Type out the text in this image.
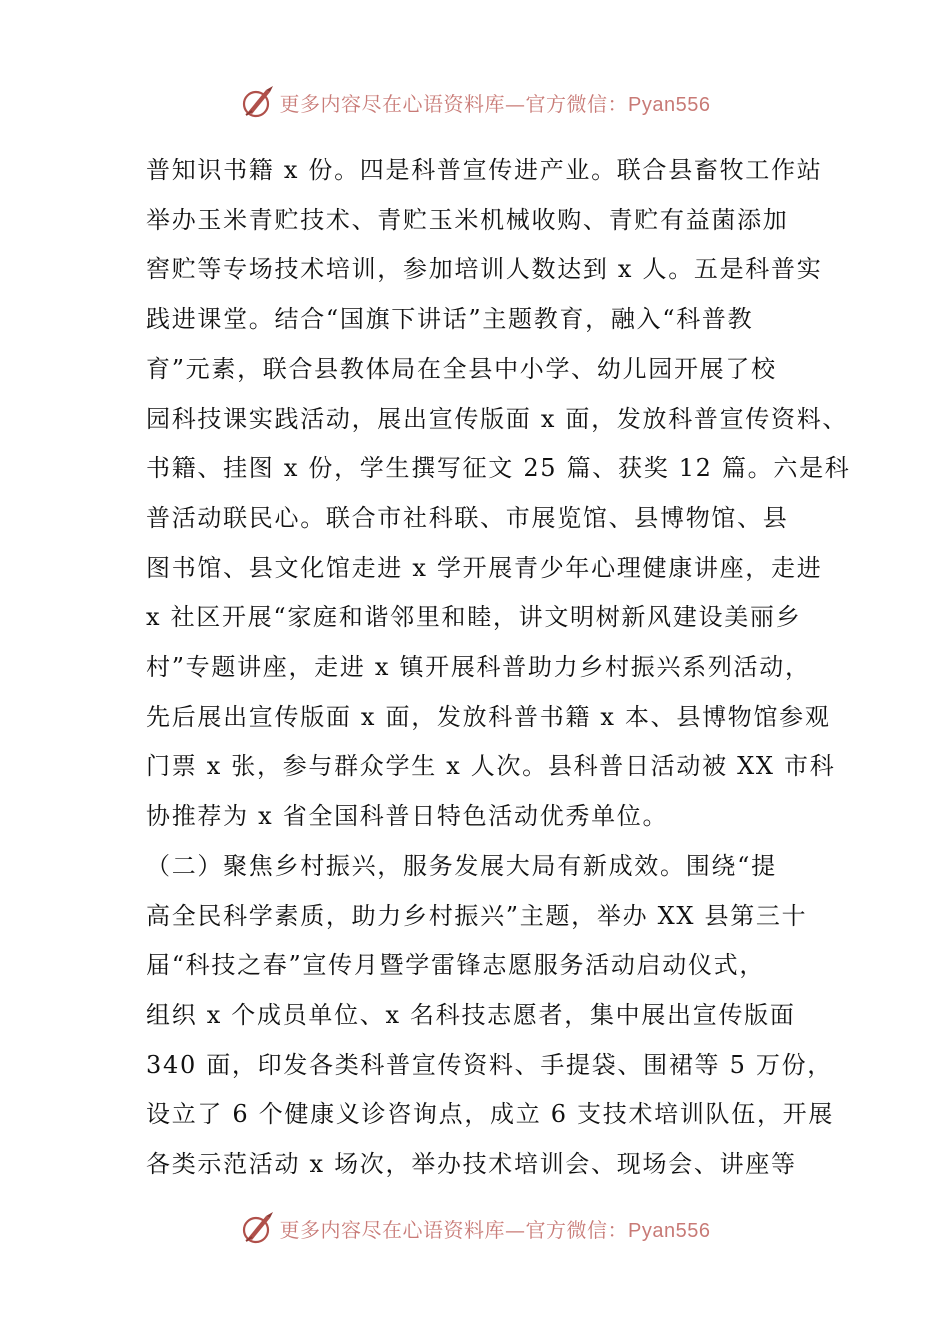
更多内容尽在心语资料库—官方微信：Pyan556
普知识书籍 x 份。四是科普宣传进产业。联合县畜牧工作站
举办玉米青贮技术、青贮玉米机械收购、青贮有益菌添加
窖贮等专场技术培训，参加培训人数达到 x 人。五是科普实
践进课堂。结合“国旗下讲话”主题教育，融入“科普教
育”元素，联合县教体局在全县中小学、幼儿园开展了校
园科技课实践活动，展出宣传版面 x 面，发放科普宣传资料、
书籍、挂图 x 份，学生撰写征文 25 篇、获奖 12 篇。六是科
普活动联民心。联合市社科联、市展览馆、县博物馆、县
图书馆、县文化馆走进 x 学开展青少年心理健康讲座，走进
x 社区开展“家庭和谐邻里和睦，讲文明树新风建设美丽乡
村”专题讲座，走进 x 镇开展科普助力乡村振兴系列活动，
先后展出宣传版面 x 面，发放科普书籍 x 本、县博物馆参观
门票 x 张，参与群众学生 x 人次。县科普日活动被 XX 市科
协推荐为 x 省全国科普日特色活动优秀单位。
（二）聚焦乡村振兴，服务发展大局有新成效。围绕“提
高全民科学素质，助力乡村振兴”主题，举办 XX 县第三十
届“科技之春”宣传月暨学雷锋志愿服务活动启动仪式，
组织 x 个成员单位、x 名科技志愿者，集中展出宣传版面
340 面，印发各类科普宣传资料、手提袋、围裙等 5 万份，
设立了 6 个健康义诊咨询点，成立 6 支技术培训队伍，开展
各类示范活动 x 场次，举办技术培训会、现场会、讲座等
更多内容尽在心语资料库—官方微信：Pyan556
